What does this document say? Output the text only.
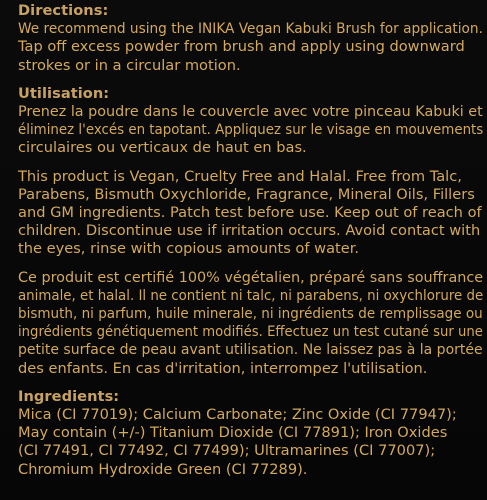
Directions:
We recommend using the INIKA Vegan Kabuki Brush for application.
Tap off excess powder from brush and apply using downward
strokes or in a circular motion.
Utilisation:
Prenez la poudre dans le couvercle avec votre pinceau Kabuki et
éliminez l'excés en tapotant. Appliquez sur le visage en mouvements
circulaires ou verticaux de haut en bas.
This product is Vegan, Cruelty Free and Halal. Free from Talc,
Parabens, Bismuth Oxychloride, Fragrance, Mineral Oils, Fillers
and GM ingredients. Patch test before use. Keep out of reach of
children. Discontinue use if irritation occurs. Avoid contact with
the eyes, rinse with copious amounts of water.
Ce produit est certifié 100% végétalien, préparé sans souffrance
animale, et halal. Il ne contient ni talc, ni parabens, ni oxychlorure de
bismuth, ni parfum, huile minerale, ni ingrédients de remplissage ou
ingrédients génétiquement modifiés. Effectuez un test cutané sur une
petite surface de peau avant utilisation. Ne laissez pas à la portée
des enfants. En cas d'irritation, interrompez l'utilisation.
Ingredients:
Mica (CI 77019); Calcium Carbonate; Zinc Oxide (CI 77947);
May contain (+/-) Titanium Dioxide (CI 77891); Iron Oxides
(CI 77491, CI 77492, CI 77499); Ultramarines (CI 77007);
Chromium Hydroxide Green (CI 77289).
